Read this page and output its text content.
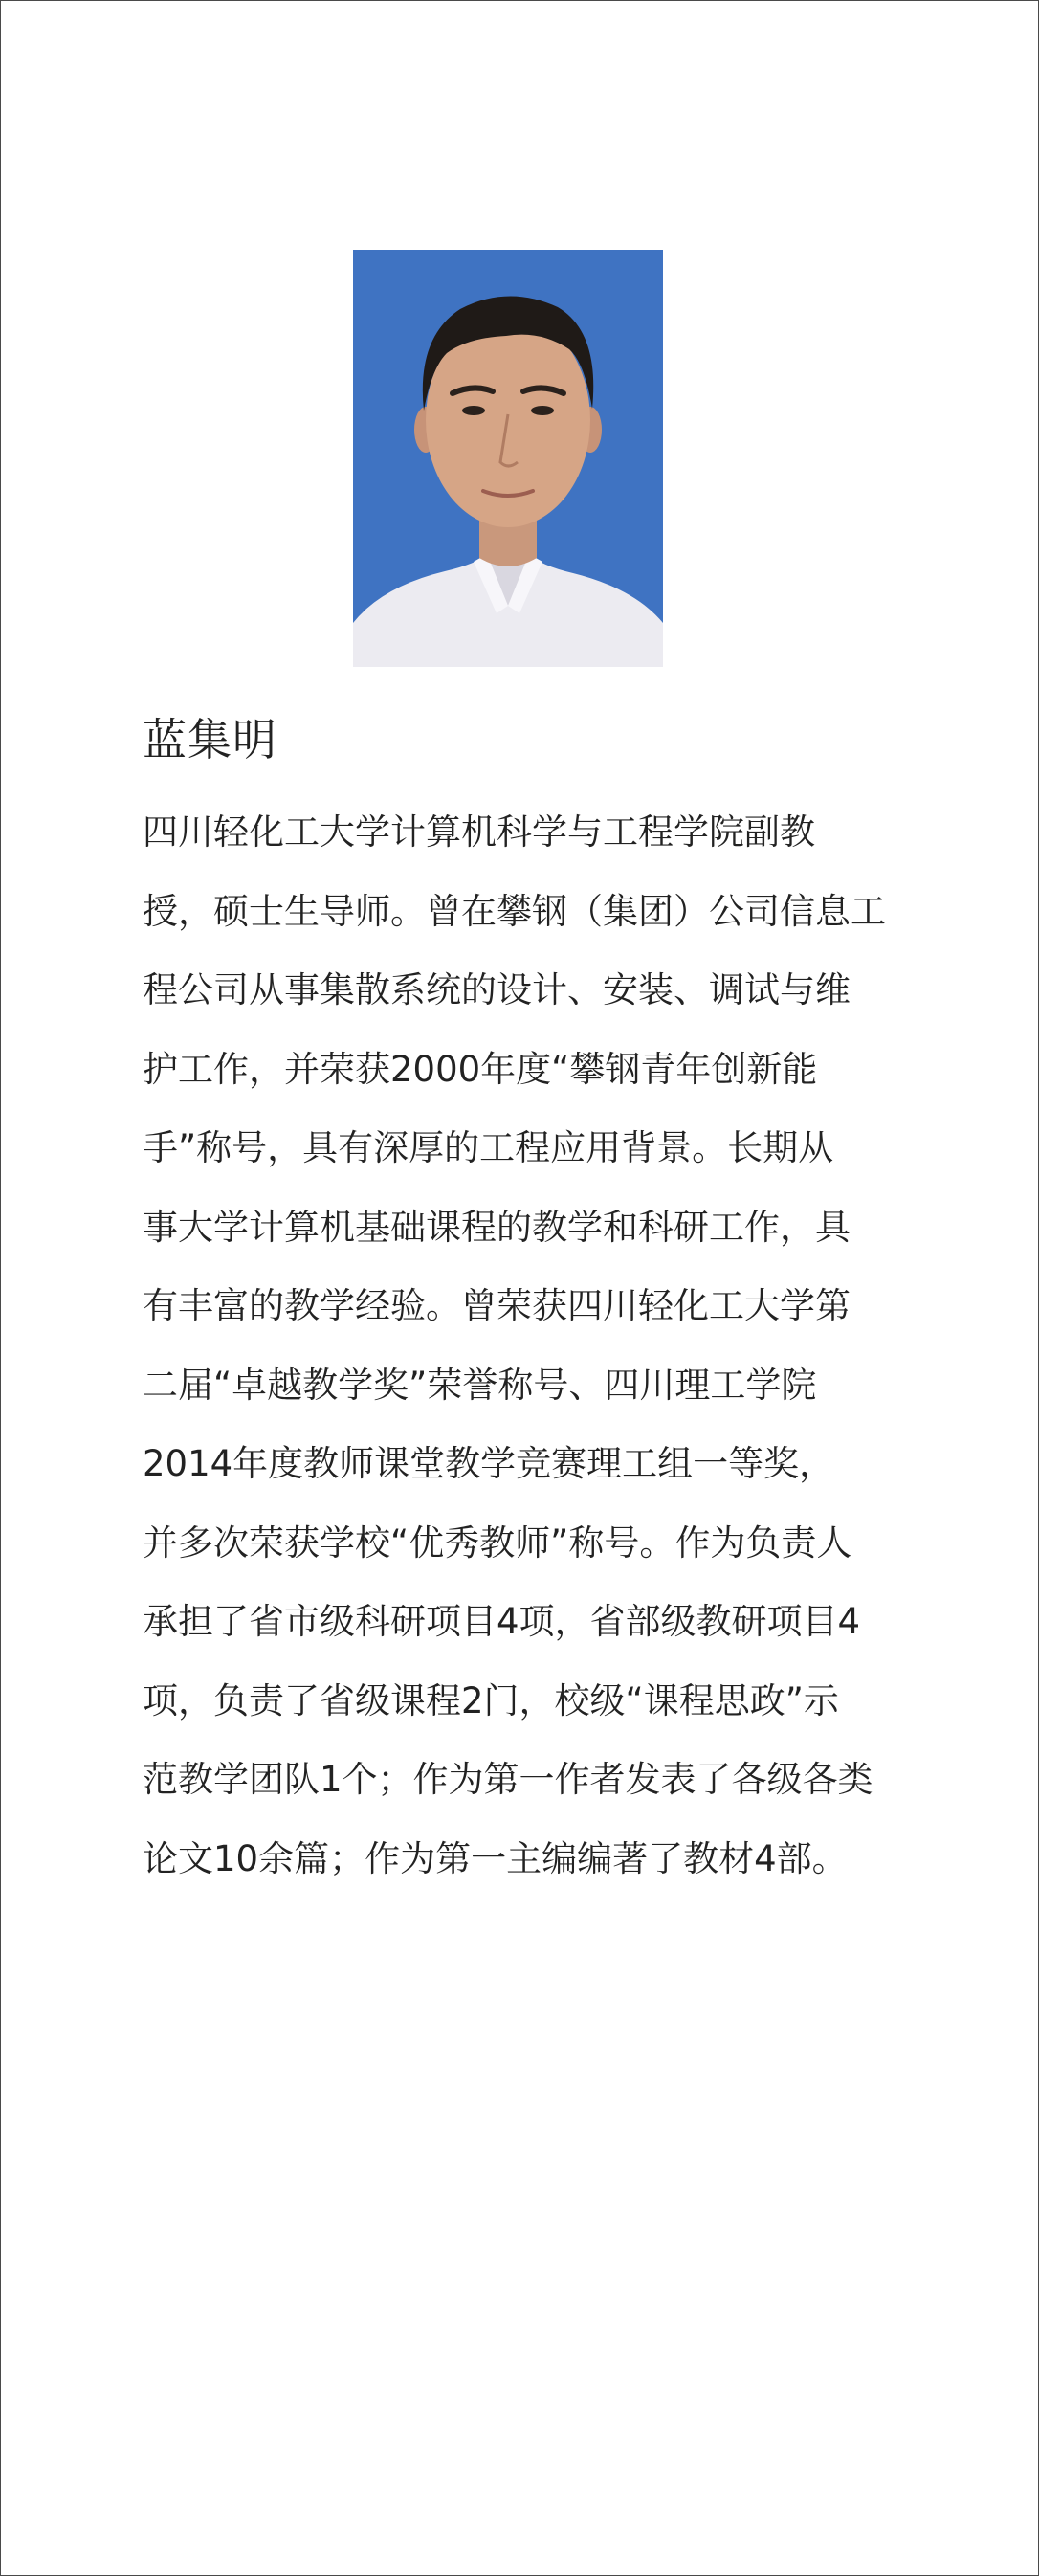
蓝集明

四川轻化工大学计算机科学与工程学院副教
授，硕士生导师。曾在攀钢（集团）公司信息工
程公司从事集散系统的设计、安装、调试与维
护工作，并荣获2000年度“攀钢青年创新能
手”称号，具有深厚的工程应用背景。长期从
事大学计算机基础课程的教学和科研工作，具
有丰富的教学经验。曾荣获四川轻化工大学第
二届“卓越教学奖”荣誉称号、四川理工学院
2014年度教师课堂教学竞赛理工组一等奖，
并多次荣获学校“优秀教师”称号。作为负责人
承担了省市级科研项目4项，省部级教研项目4
项，负责了省级课程2门，校级“课程思政”示
范教学团队1个；作为第一作者发表了各级各类
论文10余篇；作为第一主编编著了教材4部。
